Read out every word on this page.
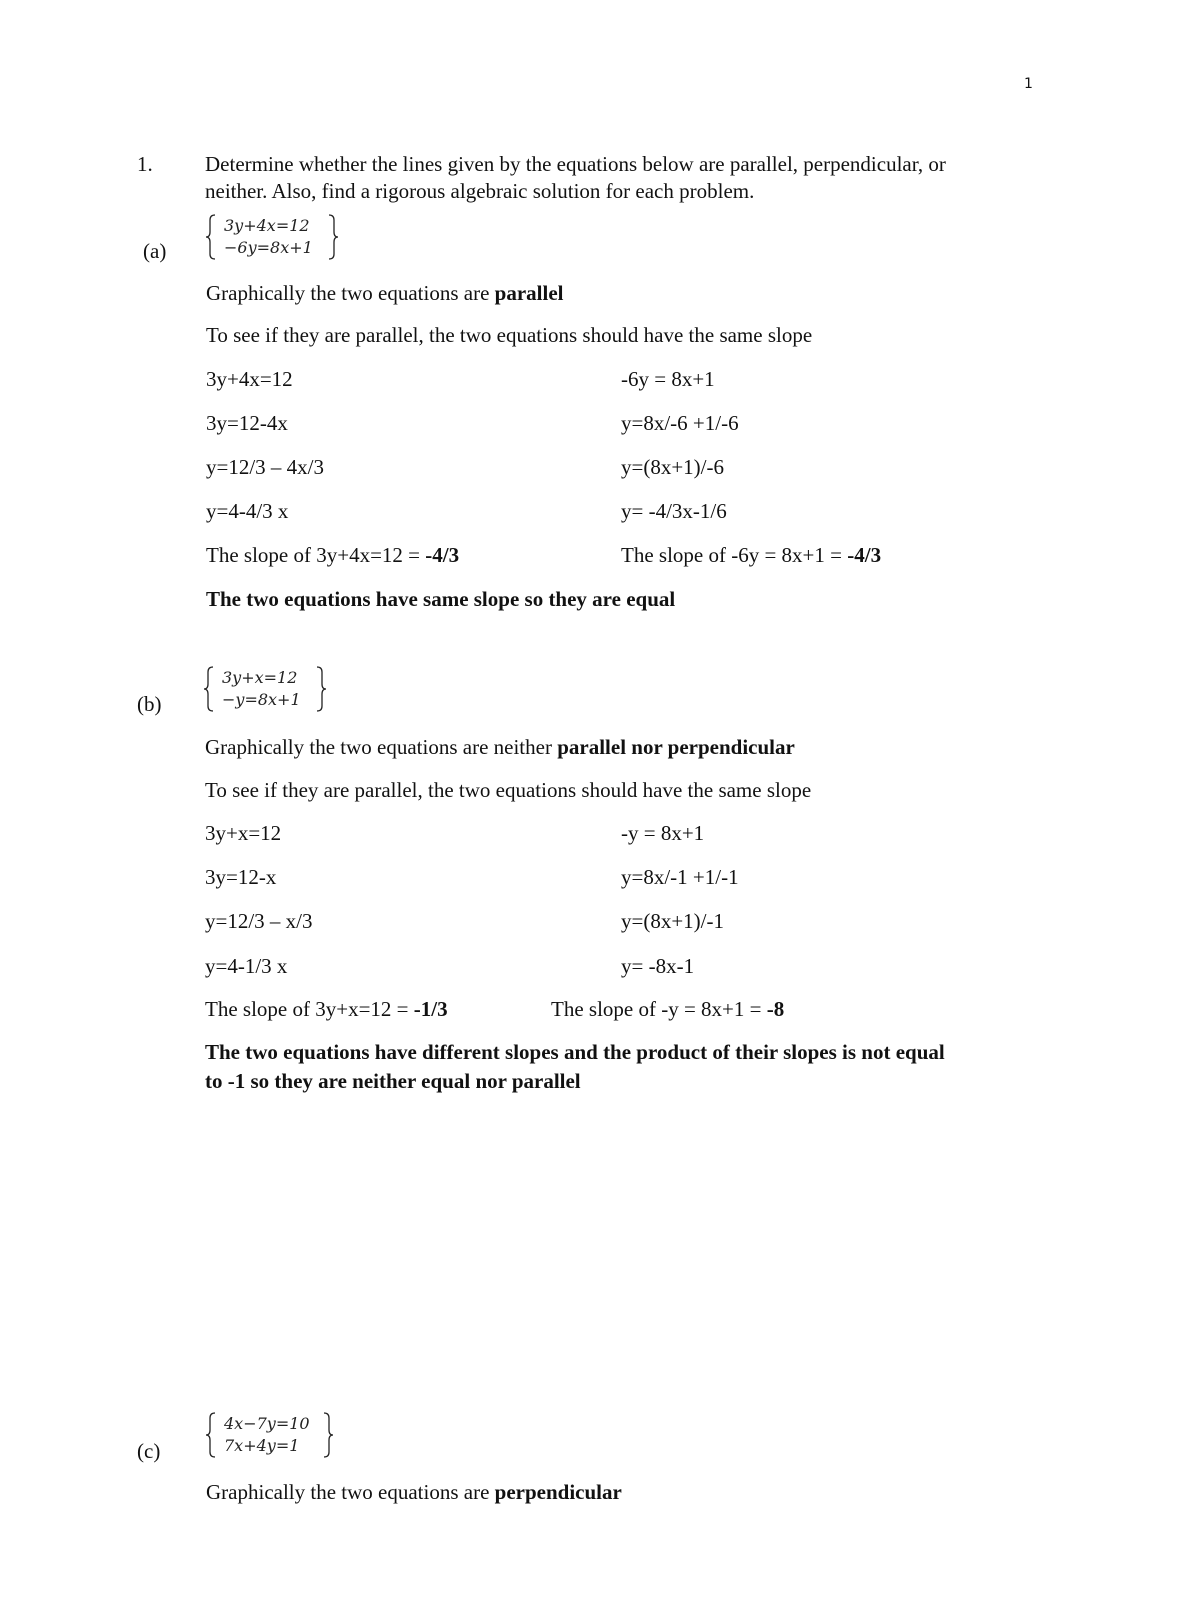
1
1. Determine whether the lines given by the equations below are parallel, perpendicular, or
neither. Also, find a rigorous algebraic solution for each problem.
(a)
3y+4x=12
−6y=8x+1
Graphically the two equations are parallel
To see if they are parallel, the two equations should have the same slope
3y+4x=12
3y=12-4x
y=12/3 – 4x/3
y=4-4/3 x
-6y = 8x+1
y=8x/-6 +1/-6
y=(8x+1)/-6
y= -4/3x-1/6
The slope of 3y+4x=12 = -4/3	The slope of -6y = 8x+1 = -4/3
The two equations have same slope so they are equal
(b)
3y+x=12
−y=8x+1
Graphically the two equations are neither parallel nor perpendicular
To see if they are parallel, the two equations should have the same slope
3y+x=12
3y=12-x
y=12/3 – x/3
y=4-1/3 x
-y = 8x+1
y=8x/-1 +1/-1
y=(8x+1)/-1
y= -8x-1
The slope of 3y+x=12 = -1/3	The slope of -y = 8x+1 = -8
The two equations have different slopes and the product of their slopes is not equal
to -1 so they are neither equal nor parallel
(c)
4x−7y=10
7x+4y=1
Graphically the two equations are perpendicular
